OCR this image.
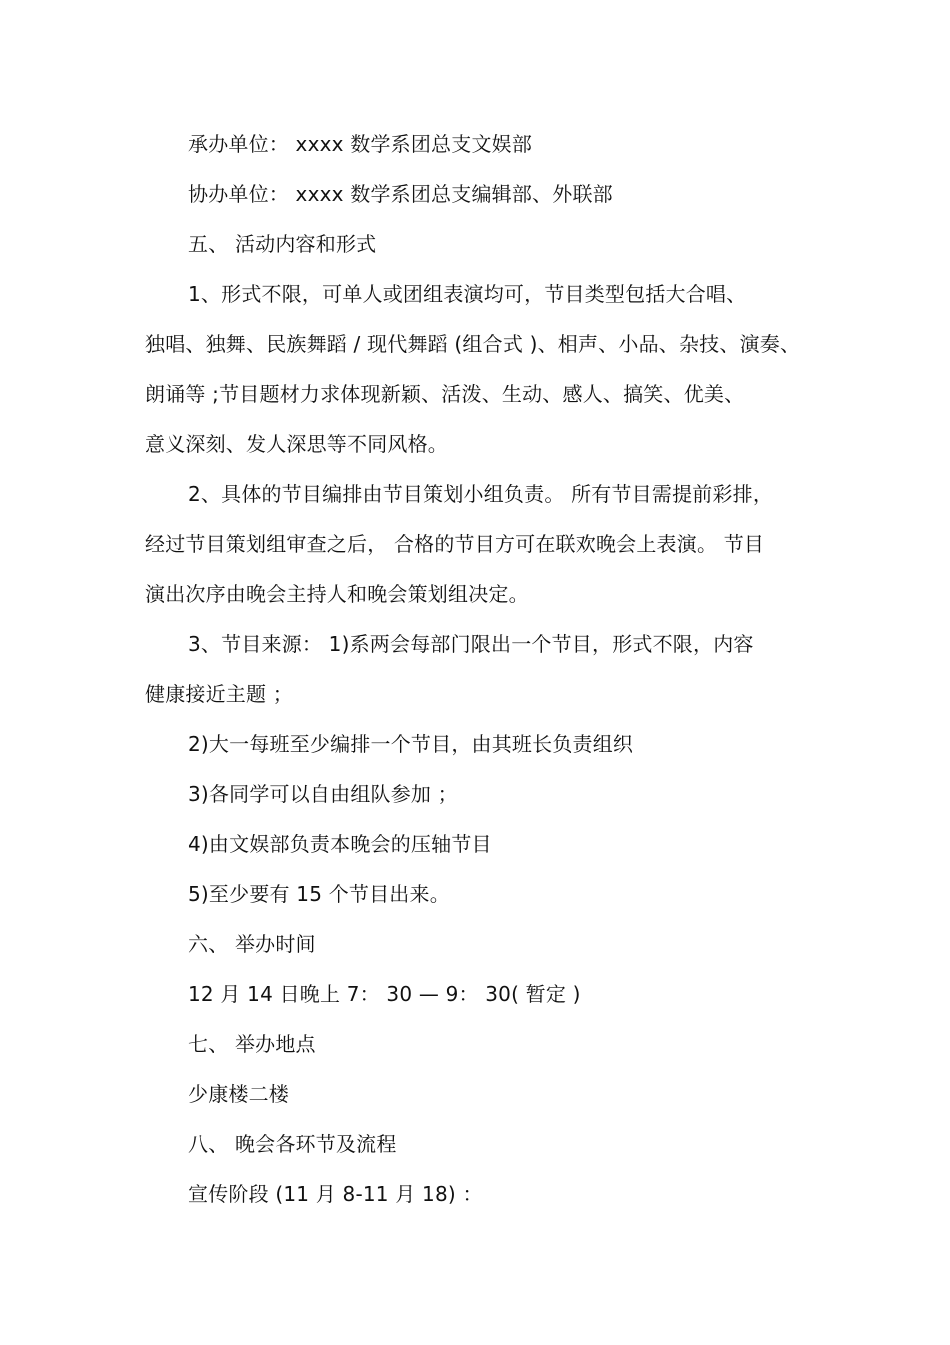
承办单位： xxxx 数学系团总支文娱部

协办单位： xxxx 数学系团总支编辑部、外联部

五、 活动内容和形式

1、形式不限，可单人或团组表演均可，节目类型包括大合唱、

独唱、独舞、民族舞蹈 / 现代舞蹈 (组合式 )、相声、小品、杂技、演奏、

朗诵等 ;节目题材力求体现新颖、活泼、生动、感人、搞笑、优美、

意义深刻、发人深思等不同风格。

2、具体的节目编排由节目策划小组负责。 所有节目需提前彩排，

经过节目策划组审查之后， 合格的节目方可在联欢晚会上表演。 节目

演出次序由晚会主持人和晚会策划组决定。

3、节目来源： 1)系两会每部门限出一个节目，形式不限，内容

健康接近主题 ；

2)大一每班至少编排一个节目，由其班长负责组织

3)各同学可以自由组队参加 ；

4)由文娱部负责本晚会的压轴节目

5)至少要有 15 个节目出来。

六、 举办时间

12 月 14 日晚上 7： 30 — 9： 30( 暂定 )

七、 举办地点

少康楼二楼

八、 晚会各环节及流程

宣传阶段 (11 月 8-11 月 18) ：
